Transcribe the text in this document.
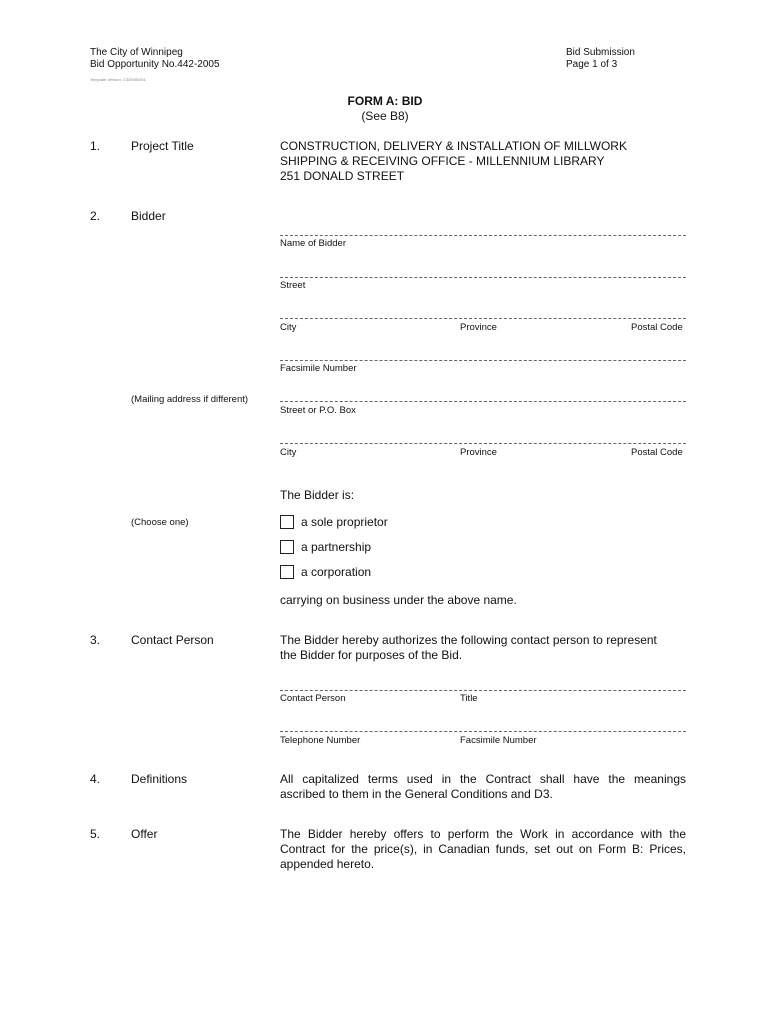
The City of Winnipeg
Bid Opportunity No.442-2005
Template Version: C320050301
Bid Submission
Page 1 of 3
FORM A: BID
(See B8)
1.	Project Title	CONSTRUCTION, DELIVERY & INSTALLATION OF MILLWORK
SHIPPING & RECEIVING OFFICE - MILLENNIUM LIBRARY
251 DONALD STREET
2.	Bidder
Name of Bidder
Street
City	Province	Postal Code
Facsimile Number
(Mailing address if different)
Street or P.O. Box
City	Province	Postal Code
The Bidder is:
(Choose one)	a sole proprietor
a partnership
a corporation
carrying on business under the above name.
3.	Contact Person	The Bidder hereby authorizes the following contact person to represent
the Bidder for purposes of the Bid.
Contact Person	Title
Telephone Number	Facsimile Number
4.	Definitions	All capitalized terms used in the Contract shall have the meanings
ascribed to them in the General Conditions and D3.
5.	Offer	The Bidder hereby offers to perform the Work in accordance with the
Contract for the price(s), in Canadian funds, set out on Form B: Prices,
appended hereto.
